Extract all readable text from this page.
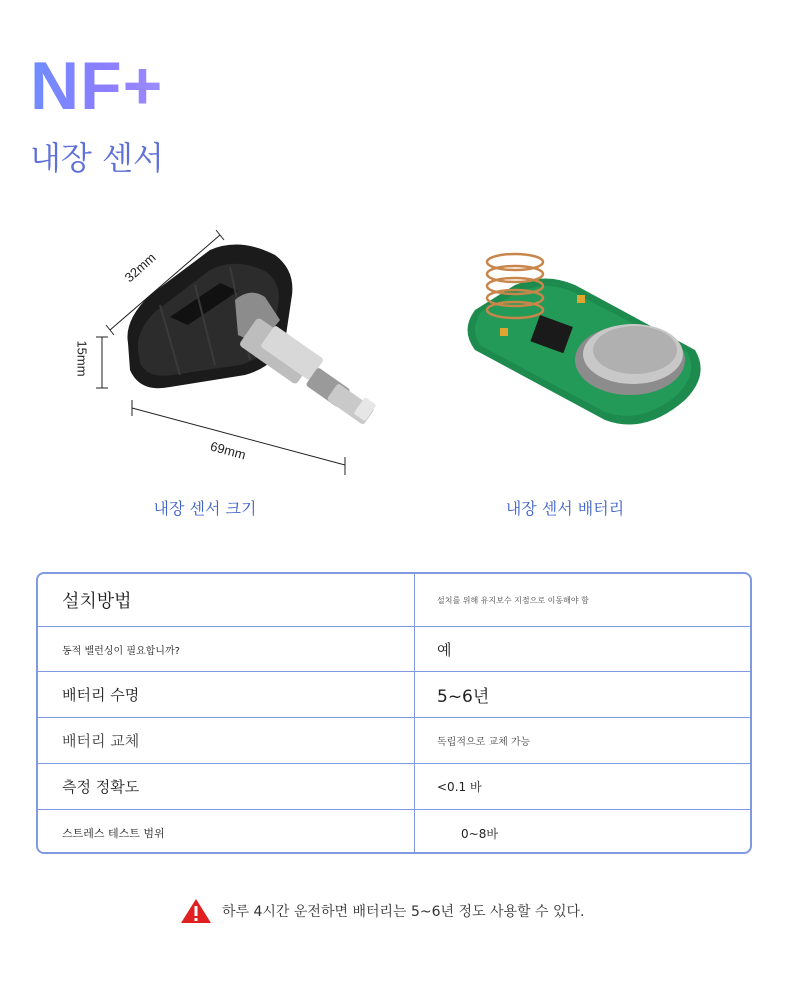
NF+
내장 센서
32mm
15mm
69mm
내장 센서 크기	내장 센서 배터리
설치방법	설치를 위해 유지보수 지점으로 이동해야 함
동적 밸런싱이 필요합니까?	예
배터리 수명	5~6년
배터리 교체	독립적으로 교체 가능
측정 정확도	<0.1 바
스트레스 테스트 범위	0~8바
하루 4시간 운전하면 배터리는 5~6년 정도 사용할 수 있다.
